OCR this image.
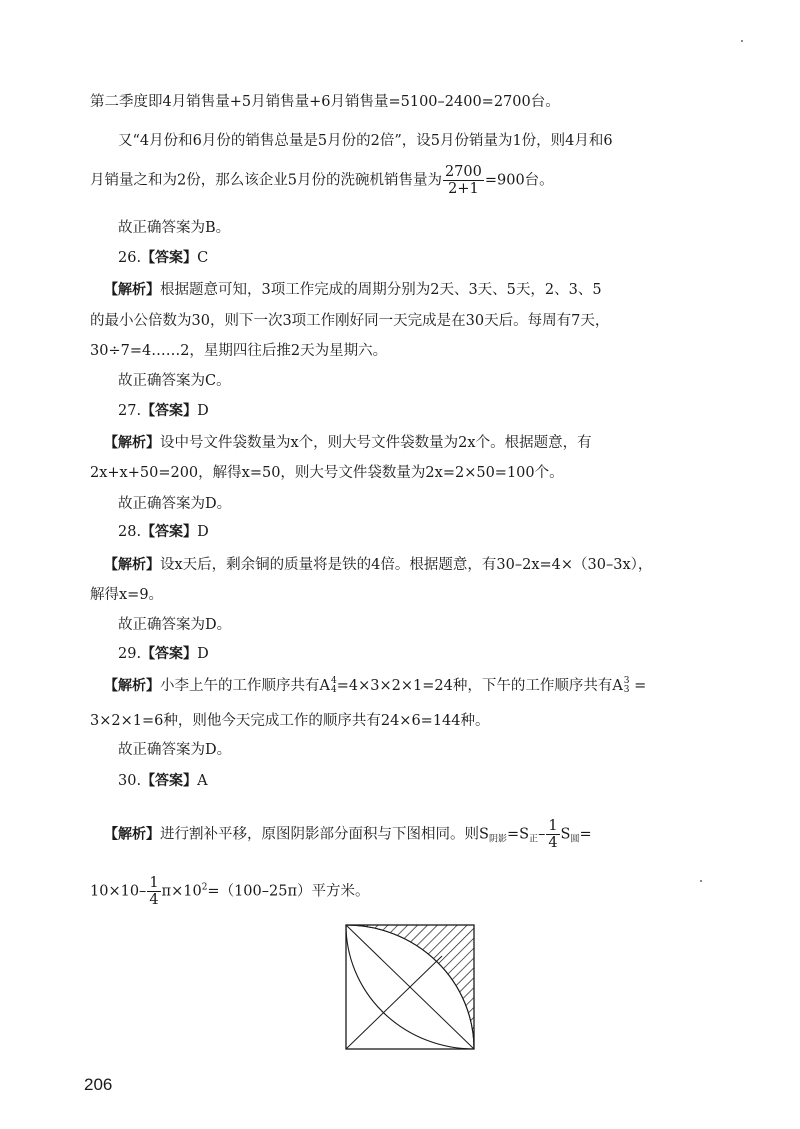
第二季度即4月销售量+5月销售量+6月销售量=5100–2400=2700台。
又“4月份和6月份的销售总量是5月份的2倍”，设5月份销量为1份，则4月和6
月销量之和为2份，那么该企业5月份的洗碗机销售量为 $\frac{2700}{2+1} =900$台。
故正确答案为B。
26.【答案】C
【解析】根据题意可知，3项工作完成的周期分别为2天、3天、5天，2、3、5
的最小公倍数为30，则下一次3项工作刚好同一天完成是在30天后。每周有7天，
30÷7=4……2，星期四往后推2天为星期六。
故正确答案为C。
27.【答案】D
【解析】设中号文件袋数量为x个，则大号文件袋数量为2x个。根据题意，有
2x+x+50=200，解得x=50，则大号文件袋数量为2x=2×50=100个。
故正确答案为D。
28.【答案】D
【解析】设x天后，剩余铜的质量将是铁的4倍。根据题意，有30–2x=4×（30–3x），
解得x=9。
故正确答案为D。
29.【答案】D
【解析】小李上午的工作顺序共有A 4
4 =4×3×2×1=24种，下午的工作顺序共有A 3
3 =
3×2×1=6种，则他今天完成工作的顺序共有24×6=144种。
故正确答案为D。
30.【答案】A
【解析】进行割补平移，原图阴影部分面积与下图相同。则$S_{阴影}=S_正- \frac{1}{4} S_圆=$
$10\times 10- \frac{1}{4} \pi\times 10^2=(100-25\pi)$平方米。
206
